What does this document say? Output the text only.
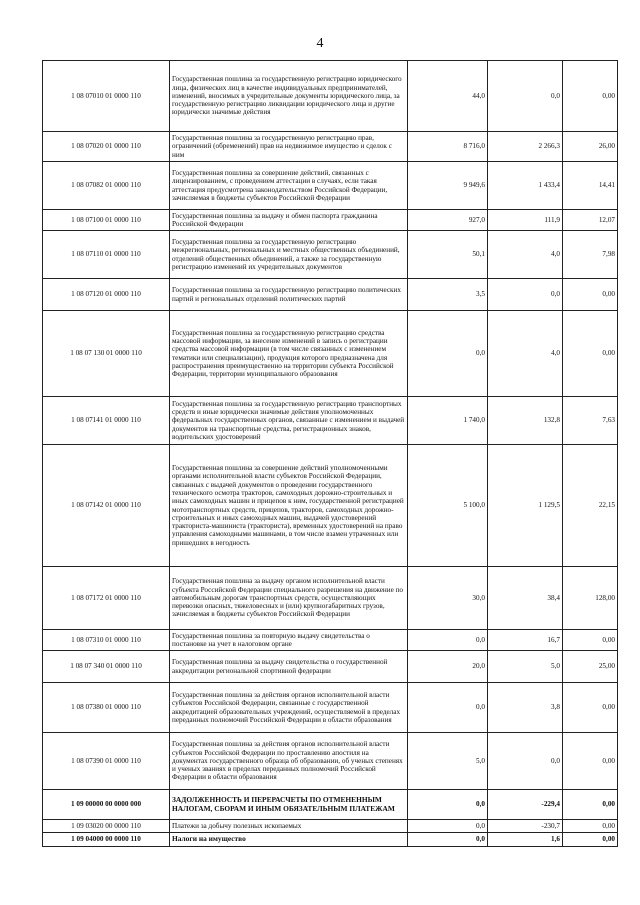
4
1 08 07010 01 0000 110	Государственная пошлина за государственную регистрацию юридического лица, физических лиц в качестве индивидуальных предпринимателей, изменений, вносимых в учредительные документы юридического лица, за государственную регистрацию ликвидации юридического лица и другие юридически значимые действия	44,0	0,0	0,00
1 08 07020 01 0000 110	Государственная пошлина за государственную регистрацию прав, ограничений (обременений) прав на недвижимое имущество и сделок с ним	8 716,0	2 266,3	26,00
1 08 07082 01 0000 110	Государственная пошлина за совершение действий, связанных с лицензированием, с проведением аттестации в случаях, если такая аттестация предусмотрена законодательством Российской Федерации, зачисляемая в бюджеты субъектов Российской Федерации	9 949,6	1 433,4	14,41
1 08 07100 01 0000 110	Государственная пошлина за выдачу и обмен паспорта гражданина Российской Федерации	927,0	111,9	12,07
1 08 07110 01 0000 110	Государственная пошлина за государственную регистрацию межрегиональных, региональных и местных общественных объединений, отделений общественных объединений, а также за государственную регистрацию изменений их учредительных документов	50,1	4,0	7,98
1 08 07120 01 0000 110	Государственная пошлина за государственную регистрацию политических партий и региональных отделений политических партий	3,5	0,0	0,00
1 08 07 130 01 0000 110	Государственная пошлина за государственную регистрацию средства массовой информации, за внесение изменений в запись о регистрации средства массовой информации (в том числе связанных с изменением тематики или специализации), продукция которого предназначена для распространения преимущественно на территории субъекта Российской Федерации, территории муниципального образования	0,0	4,0	0,00
1 08 07141 01 0000 110	Государственная пошлина за государственную регистрацию транспортных средств и иные юридически значимые действия уполномоченных федеральных государственных органов, связанные с изменением и выдачей документов на транспортные средства, регистрационных знаков, водительских удостоверений	1 740,0	132,8	7,63
1 08 07142 01 0000 110	Государственная пошлина за совершение действий уполномоченными органами исполнительной власти субъектов Российской Федерации, связанных с выдачей документов о проведении государственного технического осмотра тракторов, самоходных дорожно-строительных и иных самоходных машин и прицепов к ним, государственной регистрацией мототранспортных средств, прицепов, тракторов, самоходных дорожно-строительных и иных самоходных машин, выдачей удостоверений тракториста-машиниста (тракториста), временных удостоверений на право управления самоходными машинами, в том числе взамен утраченных или пришедших в негодность	5 100,0	1 129,5	22,15
1 08 07172 01 0000 110	Государственная пошлина за выдачу органом исполнительной власти субъекта Российской Федерации специального разрешения на движение по автомобильным дорогам транспортных средств, осуществляющих перевозки опасных, тяжеловесных и (или) крупногабаритных грузов, зачисляемая в бюджеты субъектов Российской Федерации	30,0	38,4	128,00
1 08 07310 01 0000 110	Государственная пошлина за повторную выдачу свидетельства о постановке на учет в налоговом органе	0,0	16,7	0,00
1 08 07 340 01 0000 110	Государственная пошлина за выдачу свидетельства о государственной аккредитации региональной спортивной федерации	20,0	5,0	25,00
1 08 07380 01 0000 110	Государственная пошлина за действия органов исполнительной власти субъектов Российской Федерации, связанные с государственной аккредитацией образовательных учреждений, осуществляемой в пределах переданных полномочий Российской Федерации в области образования	0,0	3,8	0,00
1 08 07390 01 0000 110	Государственная пошлина за действия органов исполнительной власти субъектов Российской Федерации по проставлению апостиля на документах государственного образца об образовании, об ученых степенях и ученых званиях в пределах переданных полномочий Российской Федерации в области образования	5,0	0,0	0,00
1 09 00000 00 0000 000	ЗАДОЛЖЕННОСТЬ И ПЕРЕРАСЧЕТЫ ПО ОТМЕНЕННЫМ НАЛОГАМ, СБОРАМ И ИНЫМ ОБЯЗАТЕЛЬНЫМ ПЛАТЕЖАМ	0,0	-229,4	0,00
1 09 03020 00 0000 110	Платежи за добычу полезных ископаемых	0,0	-230,7	0,00
1 09 04000 00 0000 110	Налоги на имущество	0,0	1,6	0,00
